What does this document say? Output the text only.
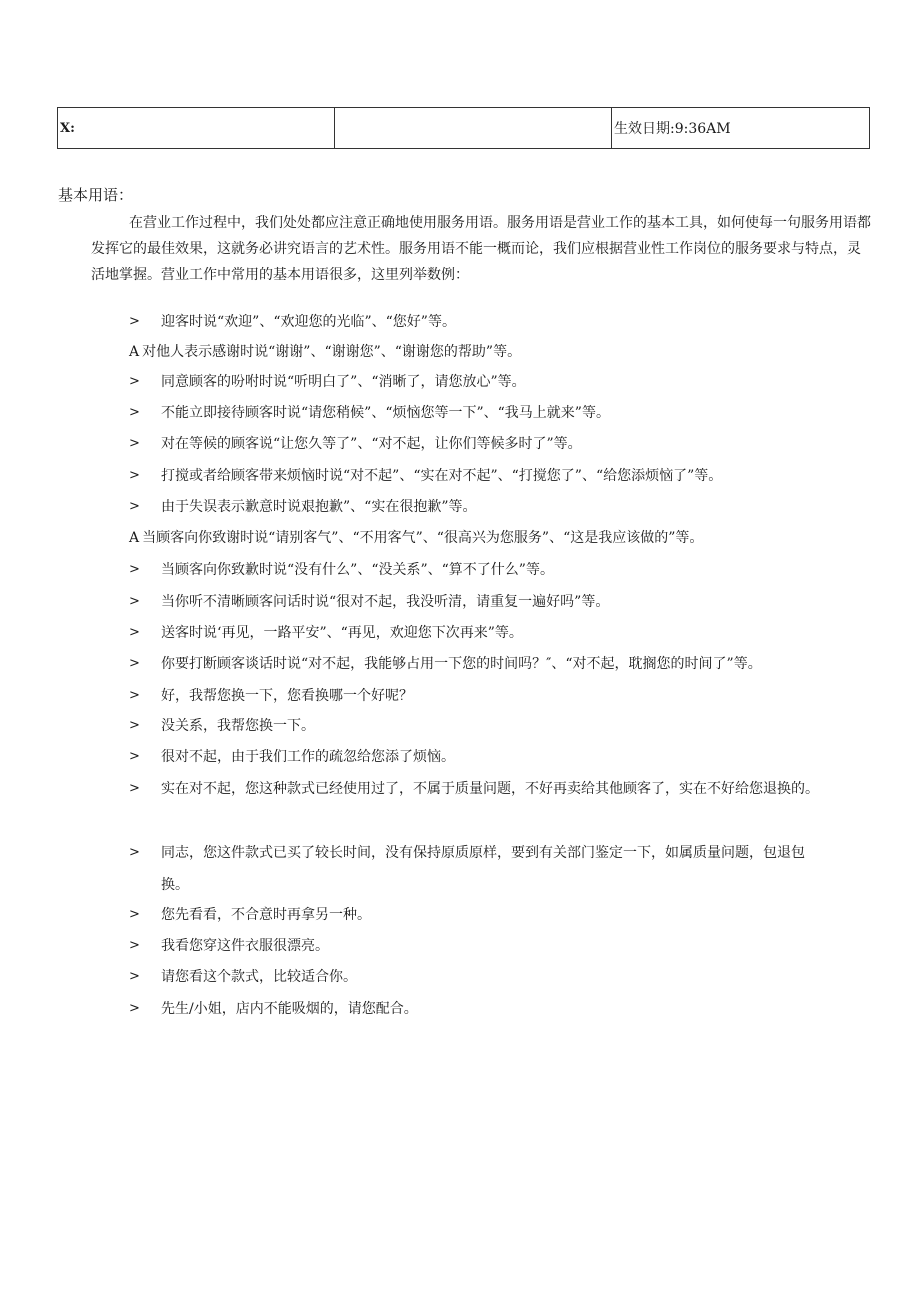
X:	生效日期:9:36AM
基本用语：

在营业工作过程中，我们处处都应注意正确地使用服务用语。服务用语是营业工作的基本工具，如何使每一句服务用语都发挥它的最佳效果，这就务必讲究语言的艺术性。服务用语不能一概而论，我们应根据营业性工作岗位的服务要求与特点，灵活地掌握。营业工作中常用的基本用语很多，这里列举数例：

> 迎客时说“欢迎”、“欢迎您的光临”、“您好”等。
A 对他人表示感谢时说“谢谢”、“谢谢您”、“谢谢您的帮助”等。
> 同意顾客的吩咐时说“听明白了”、“消晰了，请您放心”等。
> 不能立即接待顾客时说“请您稍候”、“烦恼您等一下”、“我马上就来”等。
> 对在等候的顾客说“让您久等了”、“对不起，让你们等候多时了”等。
> 打搅或者给顾客带来烦恼时说“对不起”、“实在对不起”、“打搅您了”、“给您添烦恼了”等。
> 由于失误表示歉意时说艰抱歉”、“实在很抱歉”等。
A 当顾客向你致谢时说“请别客气”、“不用客气”、“很高兴为您服务”、“这是我应该做的”等。
> 当顾客向你致歉时说“没有什么”、“没关系”、“算不了什么”等。
> 当你听不清晰顾客问话时说“很对不起，我没听清，请重复一遍好吗”等。
> 送客时说‘再见，一路平安”、“再见，欢迎您下次再来”等。
> 你要打断顾客谈话时说“对不起，我能够占用一下您的时间吗？″、“对不起，耽搁您的时间了”等。
> 好，我帮您换一下，您看换哪一个好呢？
> 没关系，我帮您换一下。
> 很对不起，由于我们工作的疏忽给您添了烦恼。
> 实在对不起，您这种款式已经使用过了，不属于质量问题，不好再卖给其他顾客了，实在不好给您退换的。
> 同志，您这件款式已买了较长时间，没有保持原质原样，要到有关部门鉴定一下，如属质量问题，包退包换。
> 您先看看，不合意时再拿另一种。
> 我看您穿这件衣服很漂亮。
> 请您看这个款式，比较适合你。
> 先生/小姐，店内不能吸烟的，请您配合。
